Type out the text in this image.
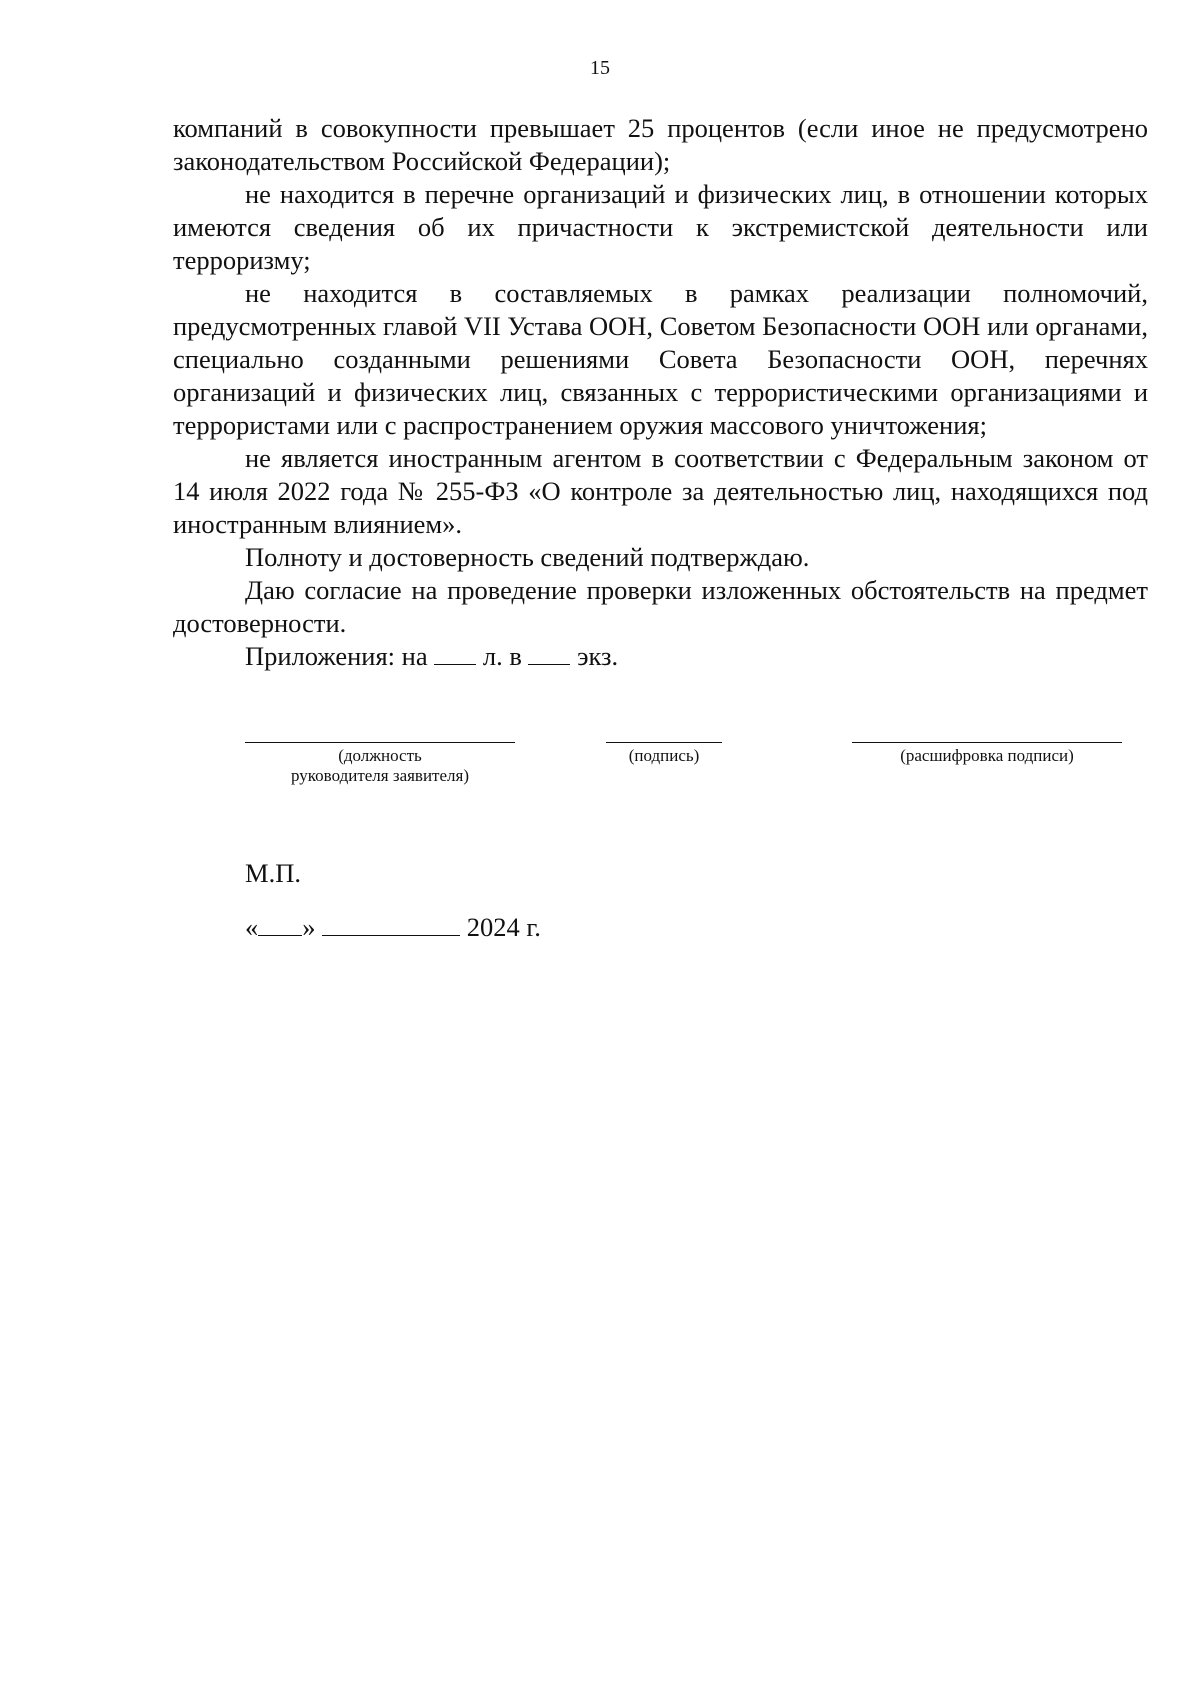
15

компаний в совокупности превышает 25 процентов (если иное не предусмотрено законодательством Российской Федерации);

не находится в перечне организаций и физических лиц, в отношении которых имеются сведения об их причастности к экстремистской деятельности или терроризму;

не находится в составляемых в рамках реализации полномочий, предусмотренных главой VII Устава ООН, Советом Безопасности ООН или органами, специально созданными решениями Совета Безопасности ООН, перечнях организаций и физических лиц, связанных с террористическими организациями и террористами или с распространением оружия массового уничтожения;

не является иностранным агентом в соответствии с Федеральным законом от 14 июля 2022 года № 255-ФЗ «О контроле за деятельностью лиц, находящихся под иностранным влиянием».

Полноту и достоверность сведений подтверждаю.

Даю согласие на проведение проверки изложенных обстоятельств на предмет достоверности.

Приложения: на л. в экз.

(должность
руководителя заявителя)
(подпись)	(расшифровка подписи)
М.П.
« »	2024 г.
